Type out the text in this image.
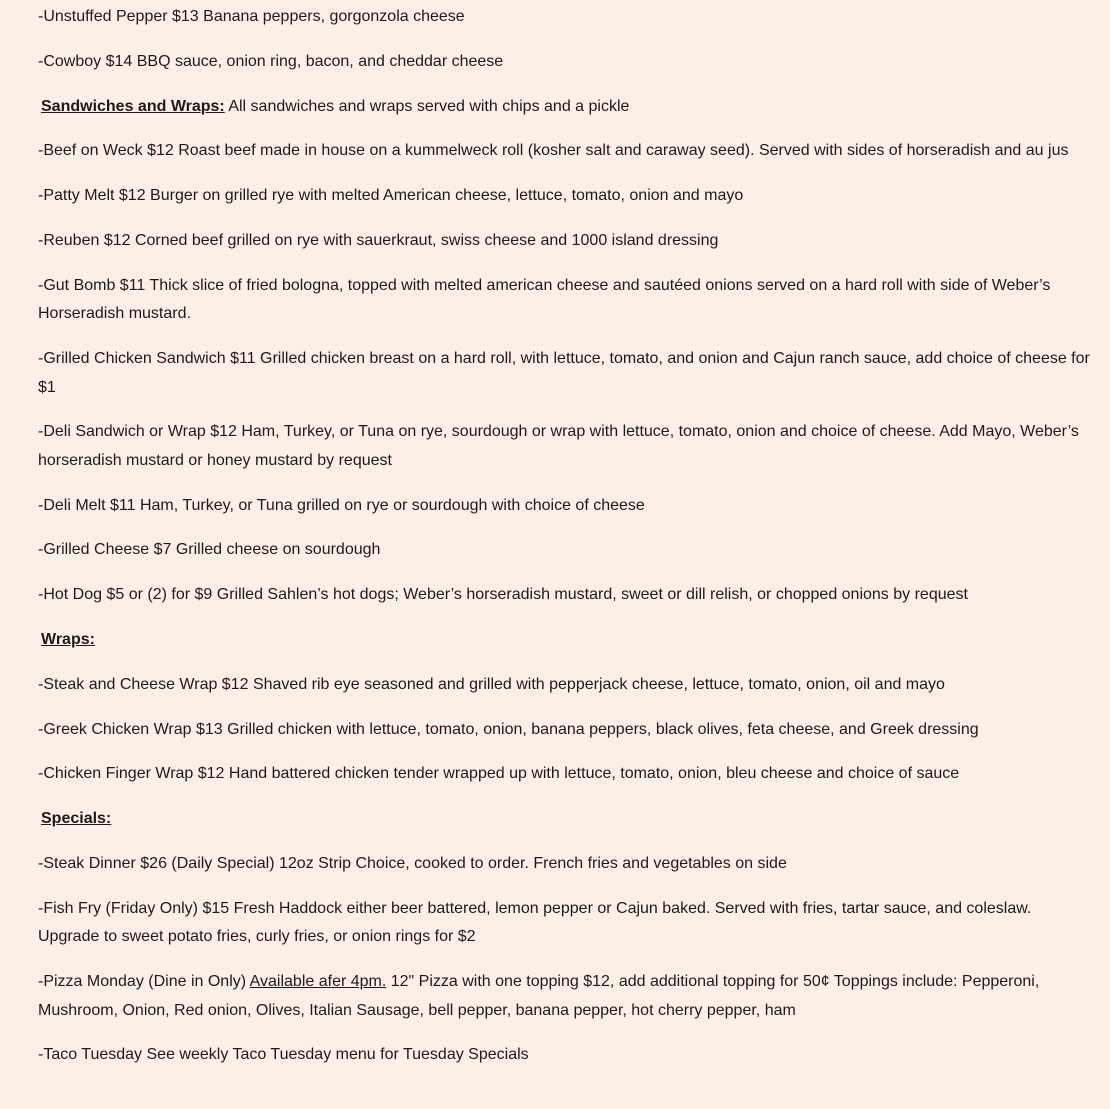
-Unstuffed Pepper $13 Banana peppers, gorgonzola cheese

-Cowboy $14 BBQ sauce, onion ring, bacon, and cheddar cheese

Sandwiches and Wraps: All sandwiches and wraps served with chips and a pickle

-Beef on Weck $12 Roast beef made in house on a kummelweck roll (kosher salt and caraway seed). Served with sides of horseradish and au jus

-Patty Melt $12 Burger on grilled rye with melted American cheese, lettuce, tomato, onion and mayo

-Reuben $12 Corned beef grilled on rye with sauerkraut, swiss cheese and 1000 island dressing

-Gut Bomb $11 Thick slice of fried bologna, topped with melted american cheese and sautéed onions served on a hard roll with side of Weber’s Horseradish mustard.

-Grilled Chicken Sandwich $11 Grilled chicken breast on a hard roll, with lettuce, tomato, and onion and Cajun ranch sauce, add choice of cheese for $1

-Deli Sandwich or Wrap $12 Ham, Turkey, or Tuna on rye, sourdough or wrap with lettuce, tomato, onion and choice of cheese. Add Mayo, Weber’s horseradish mustard or honey mustard by request

-Deli Melt $11 Ham, Turkey, or Tuna grilled on rye or sourdough with choice of cheese

-Grilled Cheese $7 Grilled cheese on sourdough

-Hot Dog $5 or (2) for $9 Grilled Sahlen’s hot dogs; Weber’s horseradish mustard, sweet or dill relish, or chopped onions by request

Wraps:

-Steak and Cheese Wrap $12 Shaved rib eye seasoned and grilled with pepperjack cheese, lettuce, tomato, onion, oil and mayo

-Greek Chicken Wrap $13 Grilled chicken with lettuce, tomato, onion, banana peppers, black olives, feta cheese, and Greek dressing

-Chicken Finger Wrap $12 Hand battered chicken tender wrapped up with lettuce, tomato, onion, bleu cheese and choice of sauce

Specials:

-Steak Dinner $26 (Daily Special) 12oz Strip Choice, cooked to order. French fries and vegetables on side

-Fish Fry (Friday Only) $15 Fresh Haddock either beer battered, lemon pepper or Cajun baked. Served with fries, tartar sauce, and coleslaw. Upgrade to sweet potato fries, curly fries, or onion rings for $2

-Pizza Monday (Dine in Only) Available afer 4pm. 12" Pizza with one topping $12, add additional topping for 50¢ Toppings include: Pepperoni, Mushroom, Onion, Red onion, Olives, Italian Sausage, bell pepper, banana pepper, hot cherry pepper, ham

-Taco Tuesday See weekly Taco Tuesday menu for Tuesday Specials
